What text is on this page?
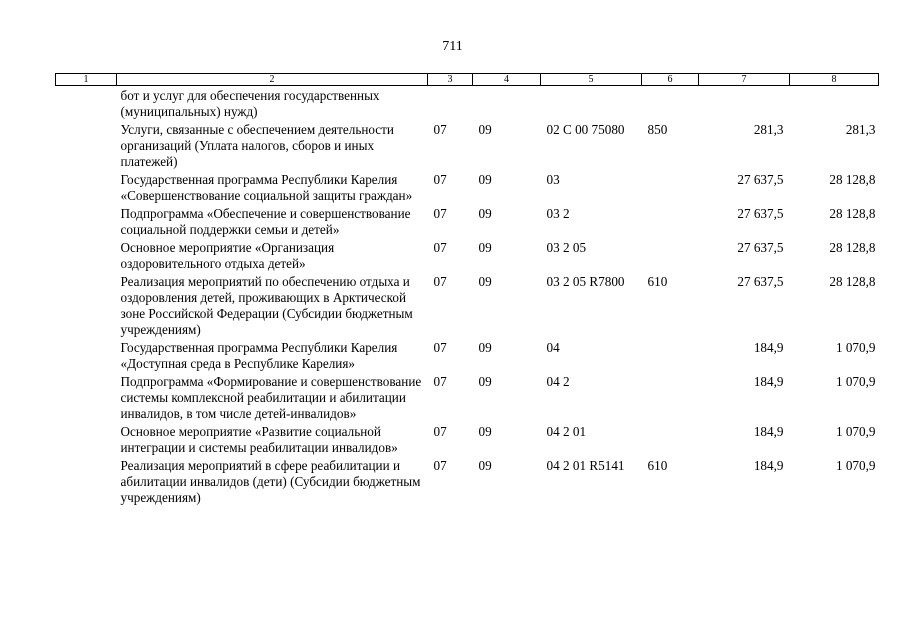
711
1	2	3	4	5	6	7	8
	бот и услуг для обеспечения государственных (муниципальных) нужд)						
	Услуги, связанные с обеспечением деятельности организаций (Уплата налогов, сборов и иных платежей)	07	09	02 С 00 75080	850	281,3	281,3
	Государственная программа Республики Карелия «Совершенствование социальной защиты граждан»	07	09	03		27 637,5	28 128,8
	Подпрограмма «Обеспечение и совершенствование социальной поддержки семьи и детей»	07	09	03 2		27 637,5	28 128,8
	Основное мероприятие «Организация оздоровительного отдыха детей»	07	09	03 2 05		27 637,5	28 128,8
	Реализация мероприятий по обеспечению отдыха и оздоровления детей, проживающих в Арктической зоне Российской Федерации (Субсидии бюджетным учреждениям)	07	09	03 2 05 R7800	610	27 637,5	28 128,8
	Государственная программа Республики Карелия «Доступная среда в Республике Карелия»	07	09	04		184,9	1 070,9
	Подпрограмма «Формирование и совершенствование системы комплексной реабилитации и абилитации инвалидов, в том числе детей-инвалидов»	07	09	04 2		184,9	1 070,9
	Основное мероприятие «Развитие социальной интеграции и системы реабилитации инвалидов»	07	09	04 2 01		184,9	1 070,9
	Реализация мероприятий в сфере реабилитации и абилитации инвалидов (дети) (Субсидии бюджетным учреждениям)	07	09	04 2 01 R5141	610	184,9	1 070,9
